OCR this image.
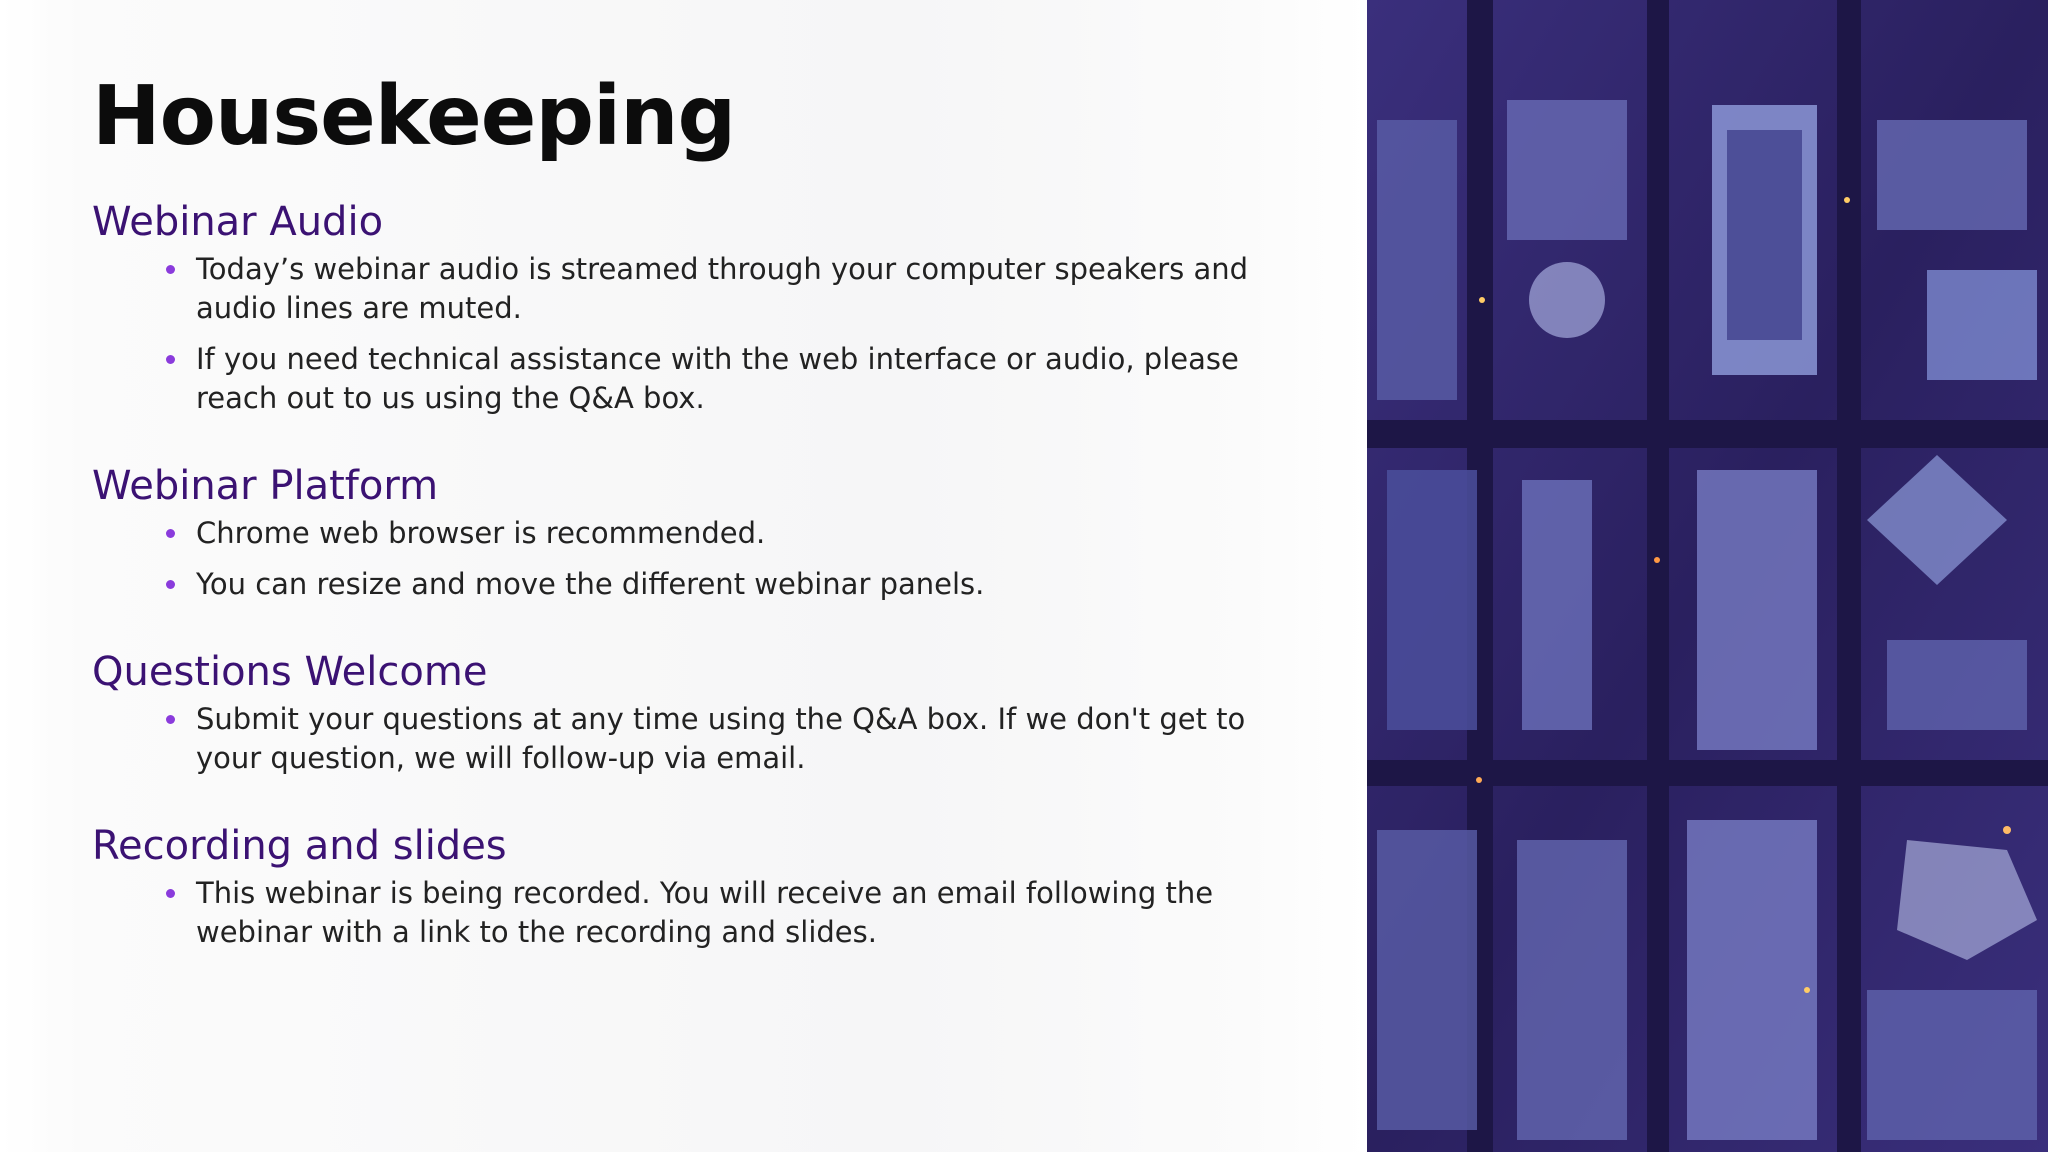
Housekeeping
Webinar Audio
Today’s webinar audio is streamed through your computer speakers and audio lines are muted.
If you need technical assistance with the web interface or audio, please reach out to us using the Q&A box.
Webinar Platform
Chrome web browser is recommended.
You can resize and move the different webinar panels.
Questions Welcome
Submit your questions at any time using the Q&A box. If we don't get to your question, we will follow-up via email.
Recording and slides
This webinar is being recorded. You will receive an email following the webinar with a link to the recording and slides.
